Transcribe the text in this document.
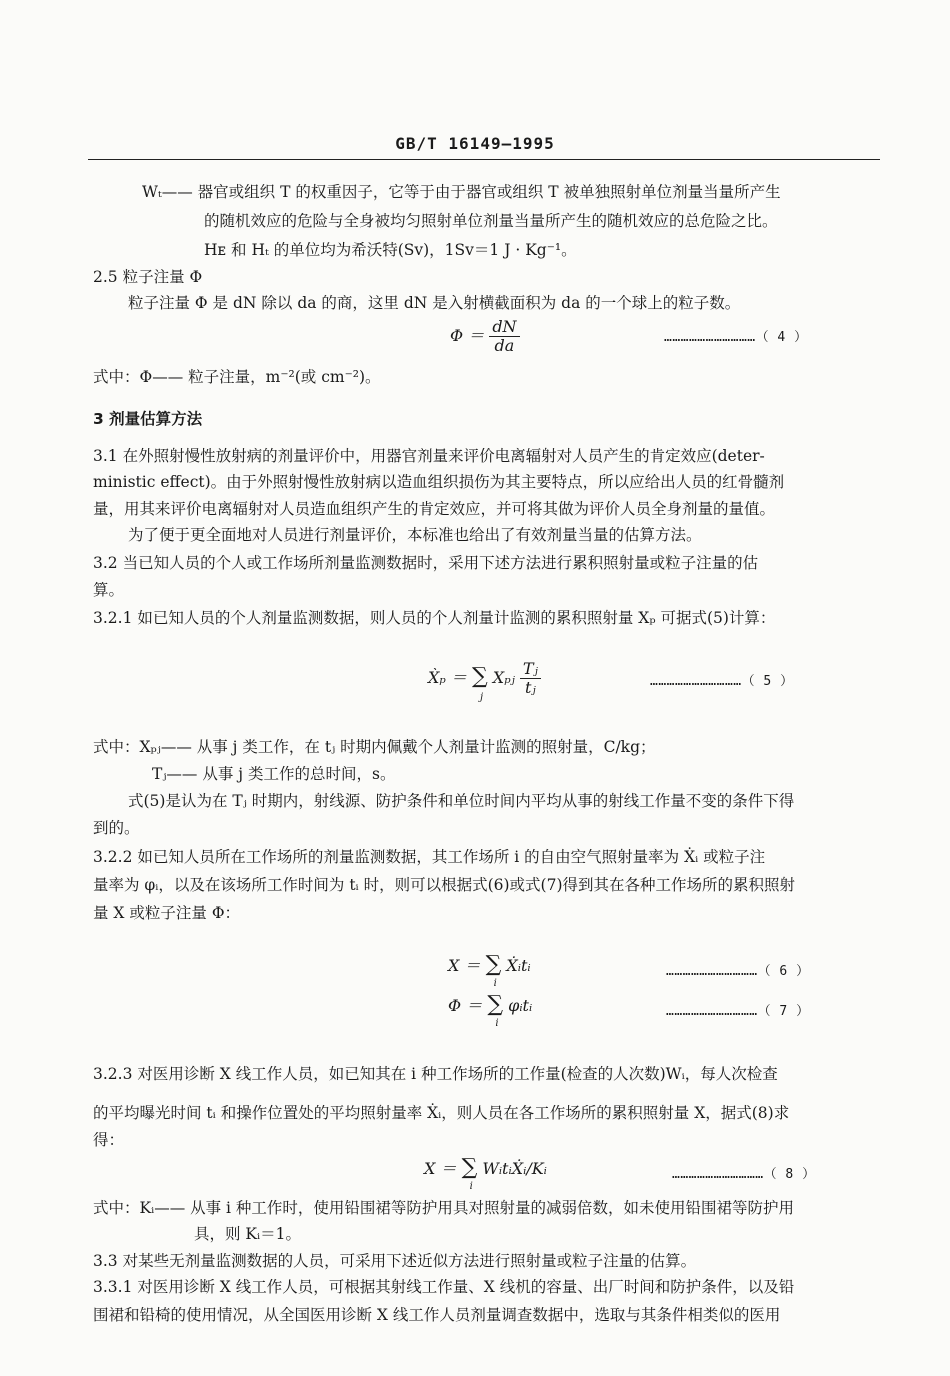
GB/T 16149—1995
Wₜ—— 器官或组织 T 的权重因子，它等于由于器官或组织 T 被单独照射单位剂量当量所产生
的随机效应的危险与全身被均匀照射单位剂量当量所产生的随机效应的总危险之比。
Hᴇ 和 Hₜ 的单位均为希沃特(Sv)，1Sv＝1 J · Kg⁻¹。
2.5 粒子注量 Φ
粒子注量 Φ 是 dN 除以 da 的商，这里 dN 是入射横截面积为 da 的一个球上的粒子数。
$\Phi = \frac{dN}{da}$	……………………………（ 4 ）
式中：Φ—— 粒子注量，m⁻²(或 cm⁻²)。
3 剂量估算方法
3.1 在外照射慢性放射病的剂量评价中，用器官剂量来评价电离辐射对人员产生的肯定效应(deter-
ministic effect)。由于外照射慢性放射病以造血组织损伤为其主要特点，所以应给出人员的红骨髓剂
量，用其来评价电离辐射对人员造血组织产生的肯定效应，并可将其做为评价人员全身剂量的量值。
为了便于更全面地对人员进行剂量评价，本标准也给出了有效剂量当量的估算方法。
3.2 当已知人员的个人或工作场所剂量监测数据时，采用下述方法进行累积照射量或粒子注量的估
算。
3.2.1 如已知人员的个人剂量监测数据，则人员的个人剂量计监测的累积照射量 Xₚ 可据式(5)计算：
X̀ₚ ＝ ∑
j
Xₚⱼ $\frac{\text{Tⱼ}}{\text{tⱼ}}$	……………………………（ 5 ）
式中：Xₚⱼ—— 从事 j 类工作，在 tⱼ 时期内佩戴个人剂量计监测的照射量，C/kg；
Tⱼ—— 从事 j 类工作的总时间，s。
式(5)是认为在 Tⱼ 时期内，射线源、防护条件和单位时间内平均从事的射线工作量不变的条件下得
到的。
3.2.2 如已知人员所在工作场所的剂量监测数据，其工作场所 i 的自由空气照射量率为 Ẋᵢ 或粒子注
量率为 φᵢ，以及在该场所工作时间为 tᵢ 时，则可以根据式(6)或式(7)得到其在各种工作场所的累积照射
量 X 或粒子注量 Φ：
X ＝ ∑
i
Ẋᵢtᵢ	……………………………（ 6 ）
Φ ＝ ∑
i
φᵢtᵢ	……………………………（ 7 ）
3.2.3 对医用诊断 X 线工作人员，如已知其在 i 种工作场所的工作量(检查的人次数)Wᵢ，每人次检查
的平均曝光时间 tᵢ 和操作位置处的平均照射量率 Ẋᵢ，则人员在各工作场所的累积照射量 X，据式(8)求
得：
X ＝ ∑
i
WᵢtᵢẊᵢ/Kᵢ	……………………………（ 8 ）
式中：Kᵢ—— 从事 i 种工作时，使用铅围裙等防护用具对照射量的减弱倍数，如未使用铅围裙等防护用
具，则 Kᵢ＝1。
3.3 对某些无剂量监测数据的人员，可采用下述近似方法进行照射量或粒子注量的估算。
3.3.1 对医用诊断 X 线工作人员，可根据其射线工作量、X 线机的容量、出厂时间和防护条件，以及铅
围裙和铅椅的使用情况，从全国医用诊断 X 线工作人员剂量调查数据中，选取与其条件相类似的医用
